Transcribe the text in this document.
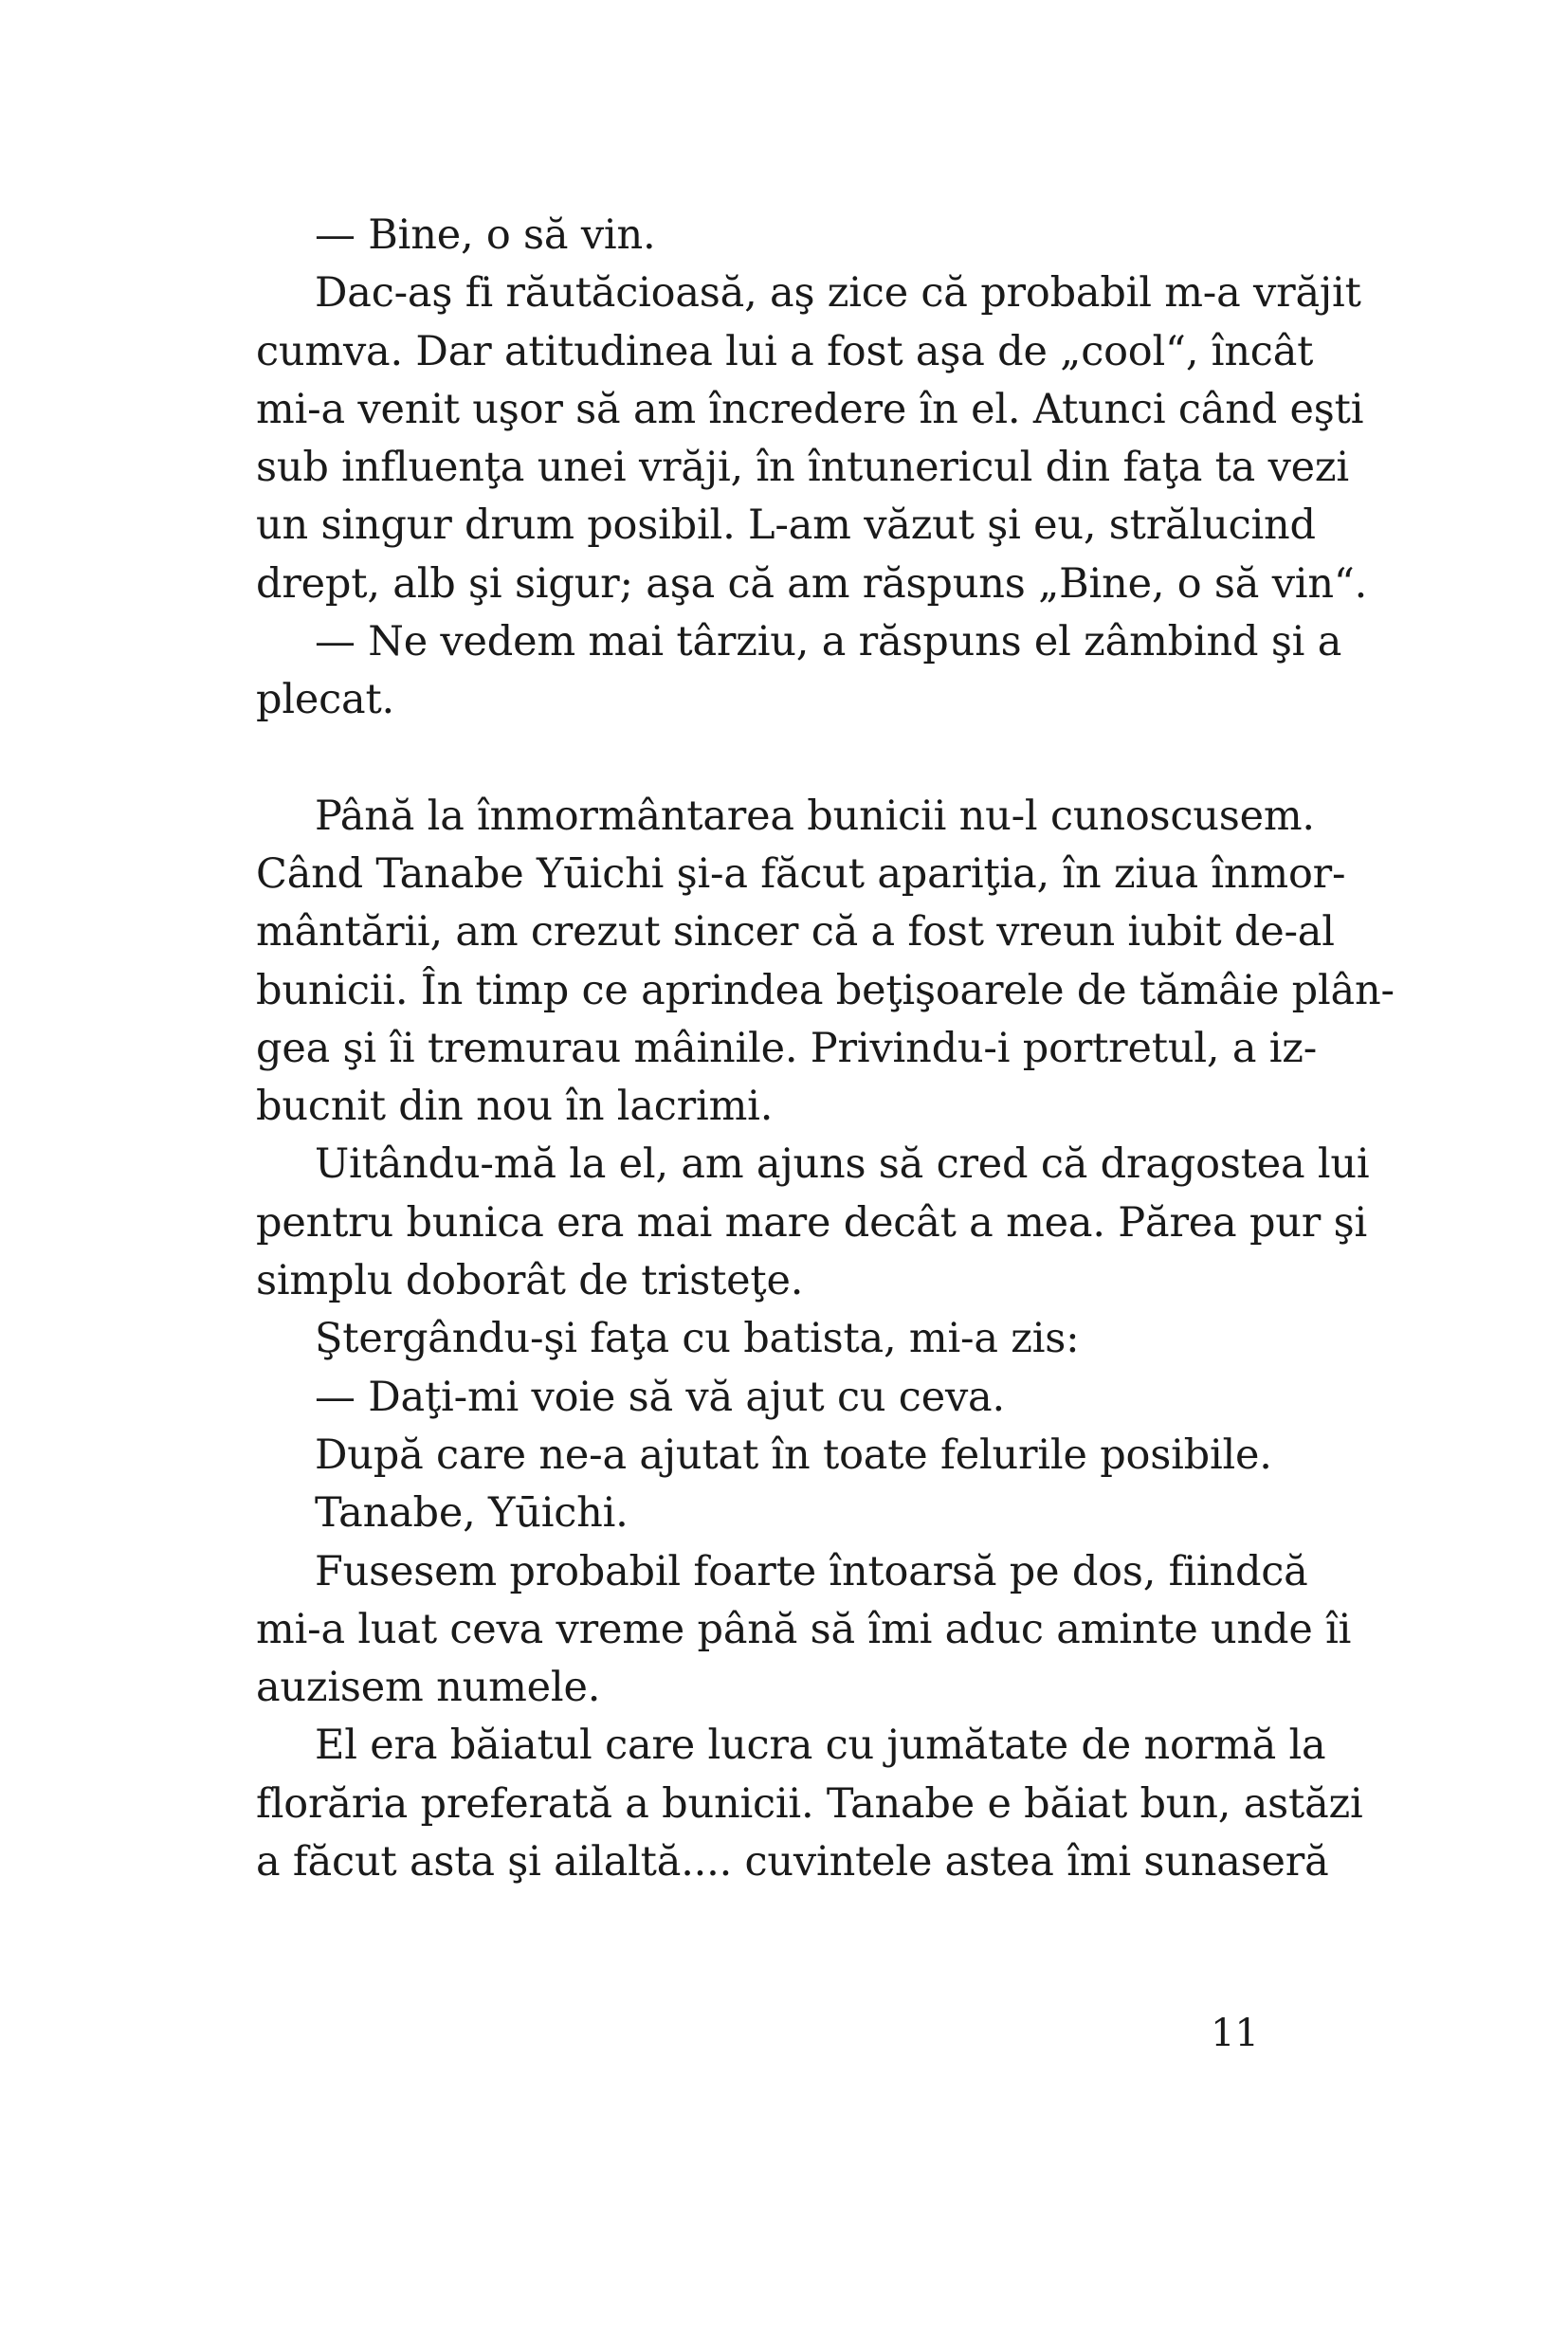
— Bine, o să vin.

Dac-aş fi răutăcioasă, aş zice că probabil m-a vrăjit
cumva. Dar atitudinea lui a fost aşa de „cool“, încât
mi-a venit uşor să am încredere în el. Atunci când eşti
sub influenţa unei vrăji, în întunericul din faţa ta vezi
un singur drum posibil. L-am văzut şi eu, strălucind
drept, alb şi sigur; aşa că am răspuns „Bine, o să vin“.

— Ne vedem mai târziu, a răspuns el zâmbind şi a
plecat.

Până la înmormântarea bunicii nu-l cunoscusem.
Când Tanabe Yūichi şi-a făcut apariţia, în ziua înmor-
mântării, am crezut sincer că a fost vreun iubit de-al
bunicii. În timp ce aprindea beţişoarele de tămâie plân-
gea şi îi tremurau mâinile. Privindu-i portretul, a iz-
bucnit din nou în lacrimi.

Uitându-mă la el, am ajuns să cred că dragostea lui
pentru bunica era mai mare decât a mea. Părea pur şi
simplu doborât de tristeţe.

Ştergându-şi faţa cu batista, mi-a zis:

— Daţi-mi voie să vă ajut cu ceva.

După care ne-a ajutat în toate felurile posibile.

Tanabe, Yūichi.

Fusesem probabil foarte întoarsă pe dos, fiindcă
mi-a luat ceva vreme până să îmi aduc aminte unde îi
auzisem numele.

El era băiatul care lucra cu jumătate de normă la
florăria preferată a bunicii. Tanabe e băiat bun, astăzi
a făcut asta şi ailaltă.... cuvintele astea îmi sunaseră

11
